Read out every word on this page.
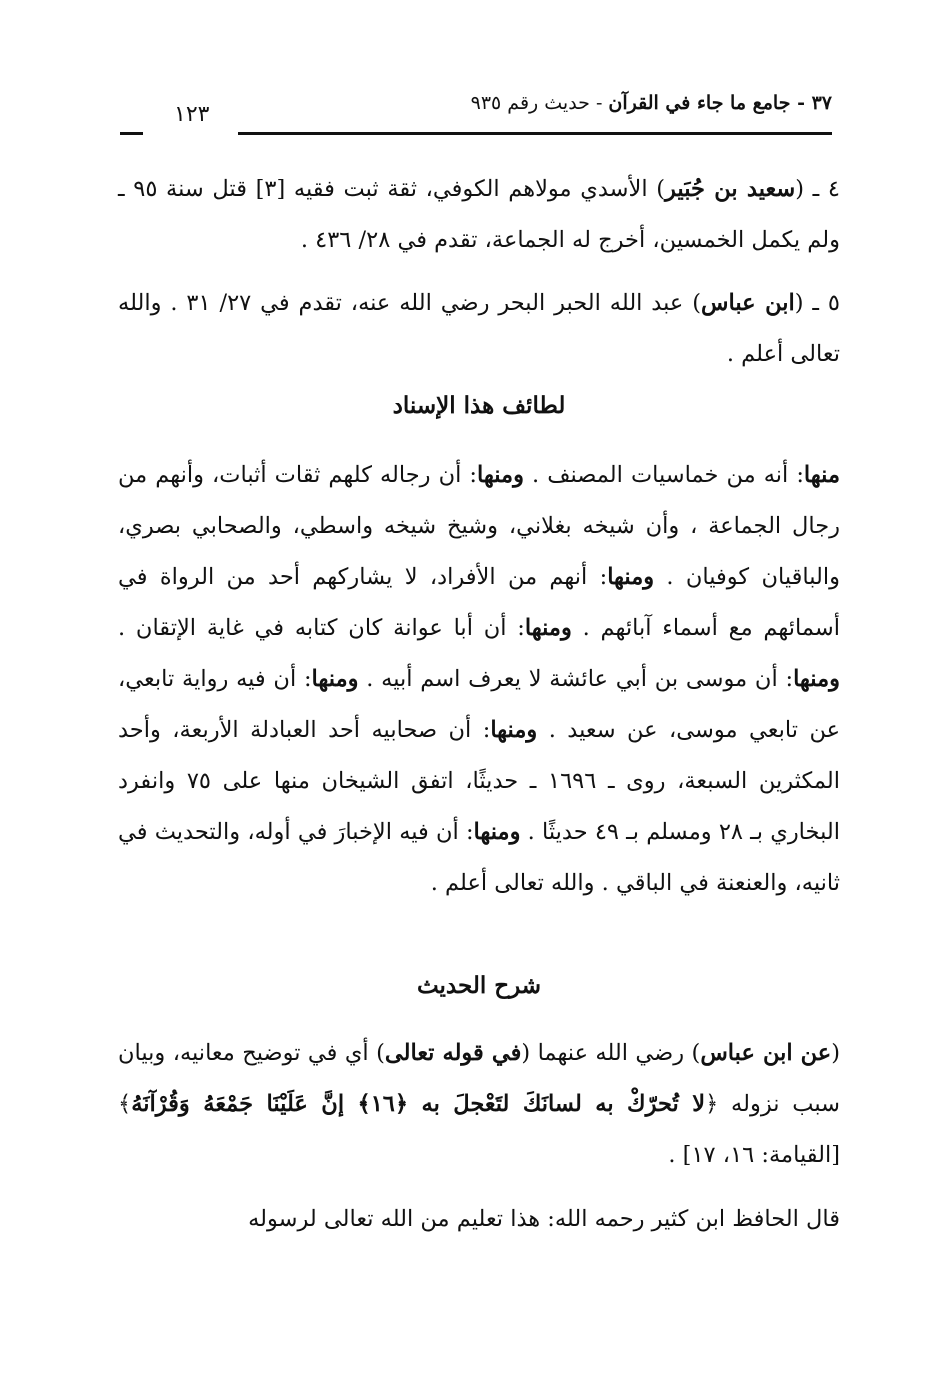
٣٧ - جامع ما جاء في القرآن - حديث رقم ٩٣٥
١٢٣
٤ ـ (سعيد بن جُبَير) الأسدي مولاهم الكوفي، ثقة ثبت فقيه [٣] قتل سنة ٩٥ ـ ولم يكمل الخمسين، أخرج له الجماعة، تقدم في ٢٨/ ٤٣٦ .
٥ ـ (ابن عباس) عبد الله الحبر البحر رضي الله عنه، تقدم في ٢٧/ ٣١ . والله تعالى أعلم .
لطائف هذا الإسناد
منها: أنه من خماسيات المصنف . ومنها: أن رجاله كلهم ثقات أثبات، وأنهم من رجال الجماعة ، وأن شيخه بغلاني، وشيخ شيخه واسطي، والصحابي بصري، والباقيان كوفيان . ومنها: أنهم من الأفراد، لا يشاركهم أحد من الرواة في أسمائهم مع أسماء آبائهم . ومنها: أن أبا عوانة كان كتابه في غاية الإتقان . ومنها: أن موسى بن أبي عائشة لا يعرف اسم أبيه . ومنها: أن فيه رواية تابعي، عن تابعي موسى، عن سعيد . ومنها: أن صحابيه أحد العبادلة الأربعة، وأحد المكثرين السبعة، روى ـ ١٦٩٦ ـ حديثًا، اتفق الشيخان منها على ٧٥ وانفرد البخاري بـ ٢٨ ومسلم بـ ٤٩ حديثًا . ومنها: أن فيه الإخبارَ في أوله، والتحديث في ثانيه، والعنعنة في الباقي . والله تعالى أعلم .
شرح الحديث
(عن ابن عباس) رضي الله عنهما (في قوله تعالى) أي في توضيح معانيه، وبيان سبب نزوله ﴿لا تُحرّكْ به لسانَكَ لتَعْجلَ به ﴿١٦﴾ إنَّ عَلَيْنَا جَمْعَهُ وَقُرْآنَهُ﴾ [القيامة: ١٦، ١٧] .
قال الحافظ ابن كثير رحمه الله: هذا تعليم من الله تعالى لرسوله
